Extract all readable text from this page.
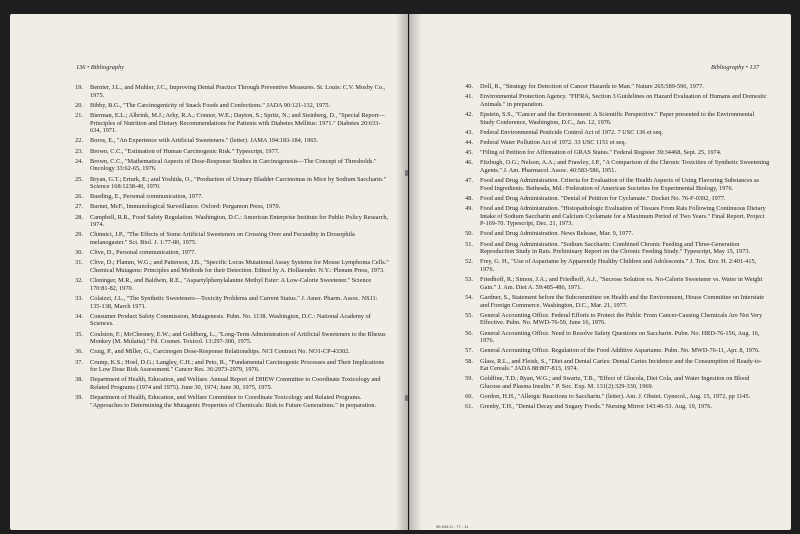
136 • Bibliography
19.	Bernier, J.L., and Muhler, J.C., Improving Dental Practice Through Preventive Measures. St. Louis: C.V. Mosby Co., 1975.
20.	Bibby, B.G., "The Carcinogenicity of Snack Foods and Confections." JADA 90:121-132, 1975.
21.	Bierman, E.L.; Albrink, M.J.; Arky, R.A.; Connor, W.E.; Dayton, S.; Spritz, N.; and Steinberg, D., "Special Report—Principles of Nutrition and Dietary Recommendations for Patients with Diabetes Mellitus: 1971." Diabetes 20:633-634, 1971.
22.	Boros, E., "An Experience with Artificial Sweeteners." (letter). JAMA 194:183-184, 1965.
23.	Brown, C.C., "Estimation of Human Carcinogenic Risk." Typescript, 1977.
24.	Brown, C.C., "Mathematical Aspects of Dose-Response Studies in Carcinogenesis—The Concept of Thresholds." Oncology 33:62-65, 1976.
25.	Bryan, G.T.; Erturk, E.; and Yoshida, O., "Production of Urinary Bladder Carcinomas in Mice by Sodium Saccharin." Science 168:1238-40, 1970.
26.	Bueding, E., Personal communication, 1977.
27.	Burnet, McF., Immunological Surveillance. Oxford: Pergamon Press, 1970.
28.	Campbell, R.R., Food Safety Regulation. Washington, D.C.: American Enterprise Institute for Public Policy Research, 1974.
29.	Chinnici, J.P., "The Effects of Some Artificial Sweeteners on Crossing Over and Fecundity in Drosophila melanogaster." Sci. Biol. J. 1:77-80, 1975.
30.	Clive, D., Personal communication, 1977.
31.	Clive, D.; Flamm, W.G.; and Patterson, J.B., "Specific Locus Mutational Assay Systems for Mouse Lymphoma Cells." Chemical Mutagens: Principles and Methods for their Detection. Edited by A. Hollaender. N.Y.: Plenum Press, 1973.
32.	Cloninger, M.R., and Baldwin, R.E., "Aspartylphenylalanine Methyl Ester: A Low-Calorie Sweetener." Science 170:81-82, 1970.
33.	Colaizzi, J.L., "The Synthetic Sweeteners—Toxicity Problems and Current Status." J. Amer. Pharm. Assoc. NS11: 135-138, March 1971.
34.	Consumer Product Safety Commission, Mutagenesis. Pubn. No. 1138. Washington, D.C.: National Academy of Sciences.
35.	Coulston, F.; McChesney, E.W.; and Goldberg, L., "Long-Term Administration of Artificial Sweeteners to the Rhesus Monkey (M. Mulatta)." Fd. Cosmet. Toxicol. 13:297-300, 1975.
36.	Craig, P., and Miller, G., Carcinogen Dose-Response Relationships. NCI Contract No. NO1-CP-43302.
37.	Crump, K.S.; Hoel, D.G.; Langley, C.H.; and Peto, R., "Fundamental Carcinogenic Processes and Their Implications for Low Dose Risk Assessment." Cancer Res. 36:2973-2979, 1976.
38.	Department of Health, Education, and Welfare. Annual Report of DHEW Committee to Coordinate Toxicology and Related Programs (1974 and 1975). June 30, 1974; June 30, 1975, 1975.
39.	Department of Health, Education, and Welfare Committee to Coordinate Toxicology and Related Programs. "Approaches to Determining the Mutagenic Properties of Chemicals: Risk to Future Generations." in preparation.
Bibliography • 137
40.	Doll, R., "Strategy for Detection of Cancer Hazards to Man." Nature 265:589-596, 1977.
41.	Environmental Protection Agency. "FIFRA, Section 3 Guidelines on Hazard Evaluation of Humans and Domestic Animals." in preparation.
42.	Epstein, S.S., "Cancer and the Environment: A Scientific Perspective." Paper presented to the Environmental Study Conference, Washington, D.C., Jan. 12, 1976.
43.	Federal Environmental Pesticide Control Act of 1972. 7 USC 136 et seq.
44.	Federal Water Pollution Act of 1972. 33 USC 1151 et seq.
45.	"Filing of Petition for Affirmation of GRAS Status." Federal Register 39:34468, Sept. 25, 1974.
46.	Fitzhugh, O.G.; Nelson, A.A.; and Frawley, J.P., "A Comparison of the Chronic Toxicities of Synthetic Sweetening Agents." J. Am. Pharmacol. Assoc. 40:583-586, 1951.
47.	Food and Drug Administration. Criteria for Evaluation of the Health Aspects of Using Flavoring Substances as Food Ingredients. Bethesda, Md.: Federation of American Societies for Experimental Biology, 1976.
48.	Food and Drug Administration. "Denial of Petition for Cyclamate." Docket No. 76-F-0392, 1977.
49.	Food and Drug Administration. "Histopathologic Evaluation of Tissues From Rats Following Continuous Dietary Intake of Sodium Saccharin and Calcium Cyclamate for a Maximum Period of Two Years." Final Report. Project P-169-70. Typescript, Dec. 21, 1973.
50.	Food and Drug Administration. News Release, Mar. 9, 1977.
51.	Food and Drug Administration. "Sodium Saccharin: Combined Chronic Feeding and Three-Generation Reproduction Study in Rats. Preliminary Report on the Chronic Feeding Study." Typescript, May 15, 1973.
52.	Frey, G. H., "Use of Aspartame by Apparently Healthy Children and Adolescents." J. Tox. Env. H. 2:401-415, 1976.
53.	Friedhoff, R.; Simon, J.A.; and Friedhoff, A.J., "Sucrose Solution vs. No-Calorie Sweetener vs. Water in Weight Gain." J. Am. Diet A. 59:485-486, 1971.
54.	Gardner, S., Statement before the Subcommittee on Health and the Environment, House Committee on Interstate and Foreign Commerce. Washington, D.C., Mar. 21, 1977.
55.	General Accounting Office. Federal Efforts to Protect the Public From Cancer-Causing Chemicals Are Not Very Effective. Pubn. No. MWD-76-59, June 16, 1976.
56.	General Accounting Office. Need to Resolve Safety Questions on Saccharin. Pubn. No. HRD-76-156, Aug. 16, 1976.
57.	General Accounting Office. Regulation of the Food Additive Aspartame. Pubn. No. MWD-76-11, Apr. 8, 1976.
58.	Glass, R.L., and Fleish, S., "Diet and Dental Caries: Dental Caries Incidence and the Consumption of Ready-to-Eat Cereals." JADA 88:807-813, 1974.
59.	Goldfine, T.D.; Ryan, W.G.; and Swartz, T.B., "Effect of Glucola, Diet Cola, and Water Ingestion on Blood Glucose and Plasma Insulin." P. Soc. Exp. M. 131(2):329-330, 1969.
60.	Gordon, H.H., "Allergic Reactions to Saccharin." (letter). Am. J. Obstet. Gynecol., Aug. 15, 1972, pp 1145.
61.	Grenby, T.H., "Dental Decay and Sugary Foods." Nursing Mirror 143:46-51. Aug. 19, 1976.
96-946 O - 77 - 11
